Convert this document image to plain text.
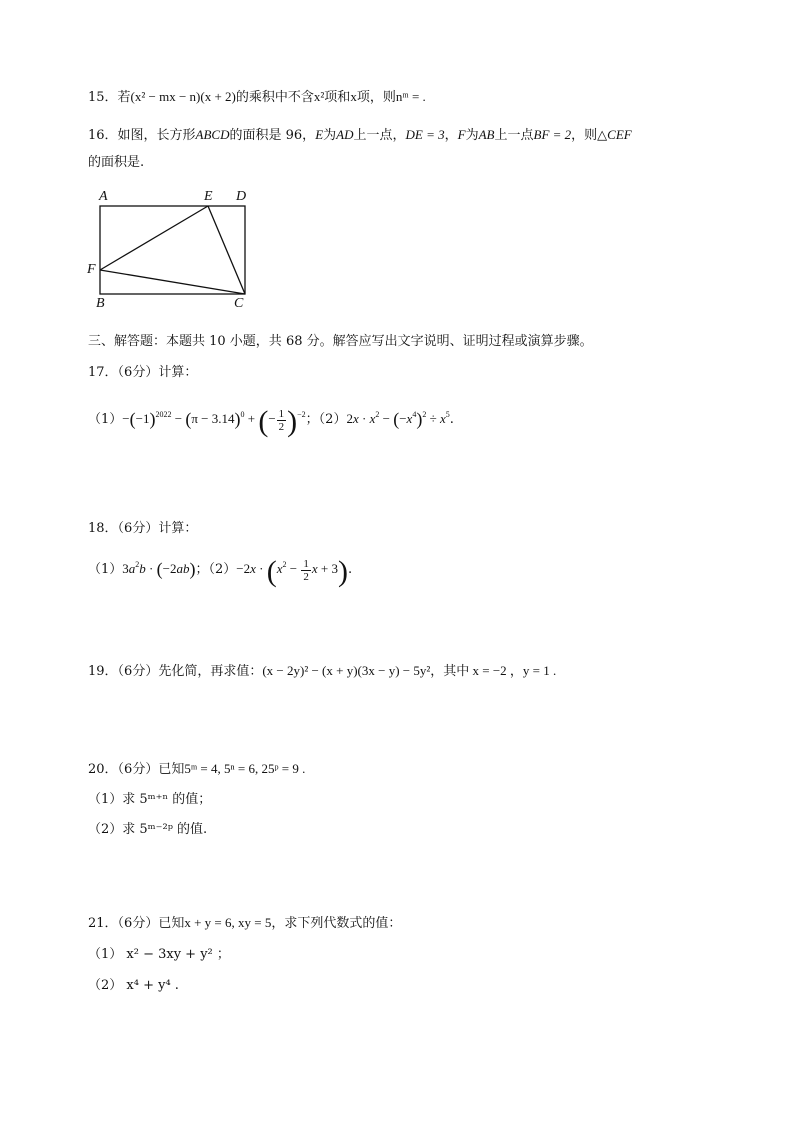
15．若(x² − mx − n)(x + 2)的乘积中不含x²项和x项，则nᵐ = .
16．如图，长方形ABCD的面积是 96，E为AD上一点，DE = 3，F为AB上一点BF = 2，则△CEF
的面积是.
A	E D
F
B	C
三、解答题：本题共 10 小题，共 68 分。解答应写出文字说明、证明过程或演算步骤。
17．（6分）计算：
$(1)-(-1)^{2022} - (\pi - 3.14)^0$ + (− $\frac{1}{2} )^{-2}$；$(2)2x \cdot x^2 - (-x^4)^2 \div x^5$.
18．（6分）计算：
$(1)3a^2b \cdot (-2ab)$；$(2)-2x \cdot (x^2 - \frac{1}{2}$ x + 3).
19．（6分）先化简，再求值：(x − 2y)² − (x + y)(3x − y) − 5y²，其中 x = −2 ，y = 1 .
20．（6分）已知5ᵐ = 4, 5ⁿ = 6, 25ᵖ = 9 .
（1）求 5ᵐ⁺ⁿ 的值；
（2）求 5ᵐ⁻²ᵖ 的值.
21．（6分）已知x + y = 6, xy = 5，求下列代数式的值：
（1） x² − 3xy + y² ；
（2） x⁴ + y⁴ .
